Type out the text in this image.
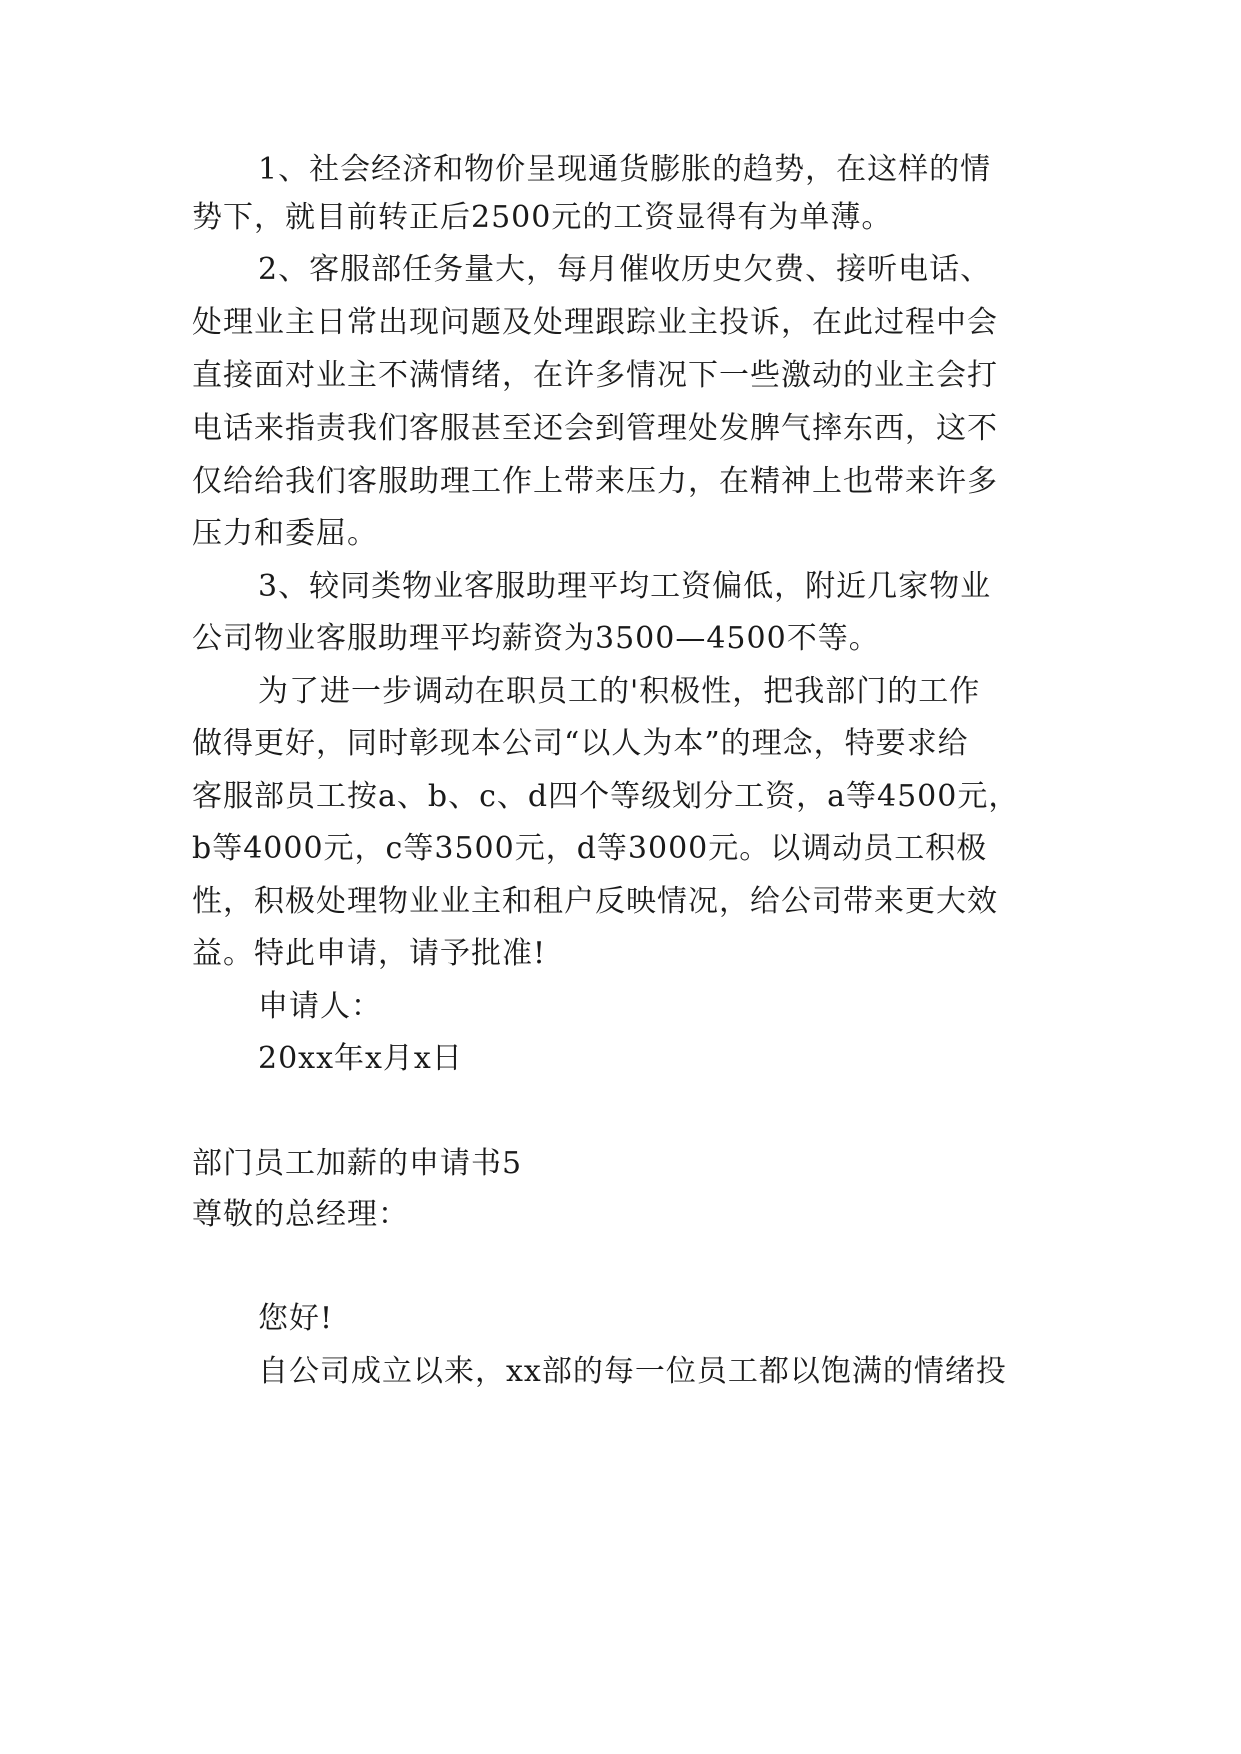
1、社会经济和物价呈现通货膨胀的趋势，在这样的情
势下，就目前转正后2500元的工资显得有为单薄。
2、客服部任务量大，每月催收历史欠费、接听电话、
处理业主日常出现问题及处理跟踪业主投诉，在此过程中会
直接面对业主不满情绪，在许多情况下一些激动的业主会打
电话来指责我们客服甚至还会到管理处发脾气摔东西，这不
仅给给我们客服助理工作上带来压力，在精神上也带来许多
压力和委屈。
3、较同类物业客服助理平均工资偏低，附近几家物业
公司物业客服助理平均薪资为3500—4500不等。
为了进一步调动在职员工的'积极性，把我部门的工作
做得更好，同时彰现本公司“以人为本”的理念，特要求给
客服部员工按a、b、c、d四个等级划分工资，a等4500元，
b等4000元，c等3500元，d等3000元。以调动员工积极
性，积极处理物业业主和租户反映情况，给公司带来更大效
益。特此申请，请予批准!
申请人：
20xx年x月x日
部门员工加薪的申请书5
尊敬的总经理：
您好!
自公司成立以来，xx部的每一位员工都以饱满的情绪投
